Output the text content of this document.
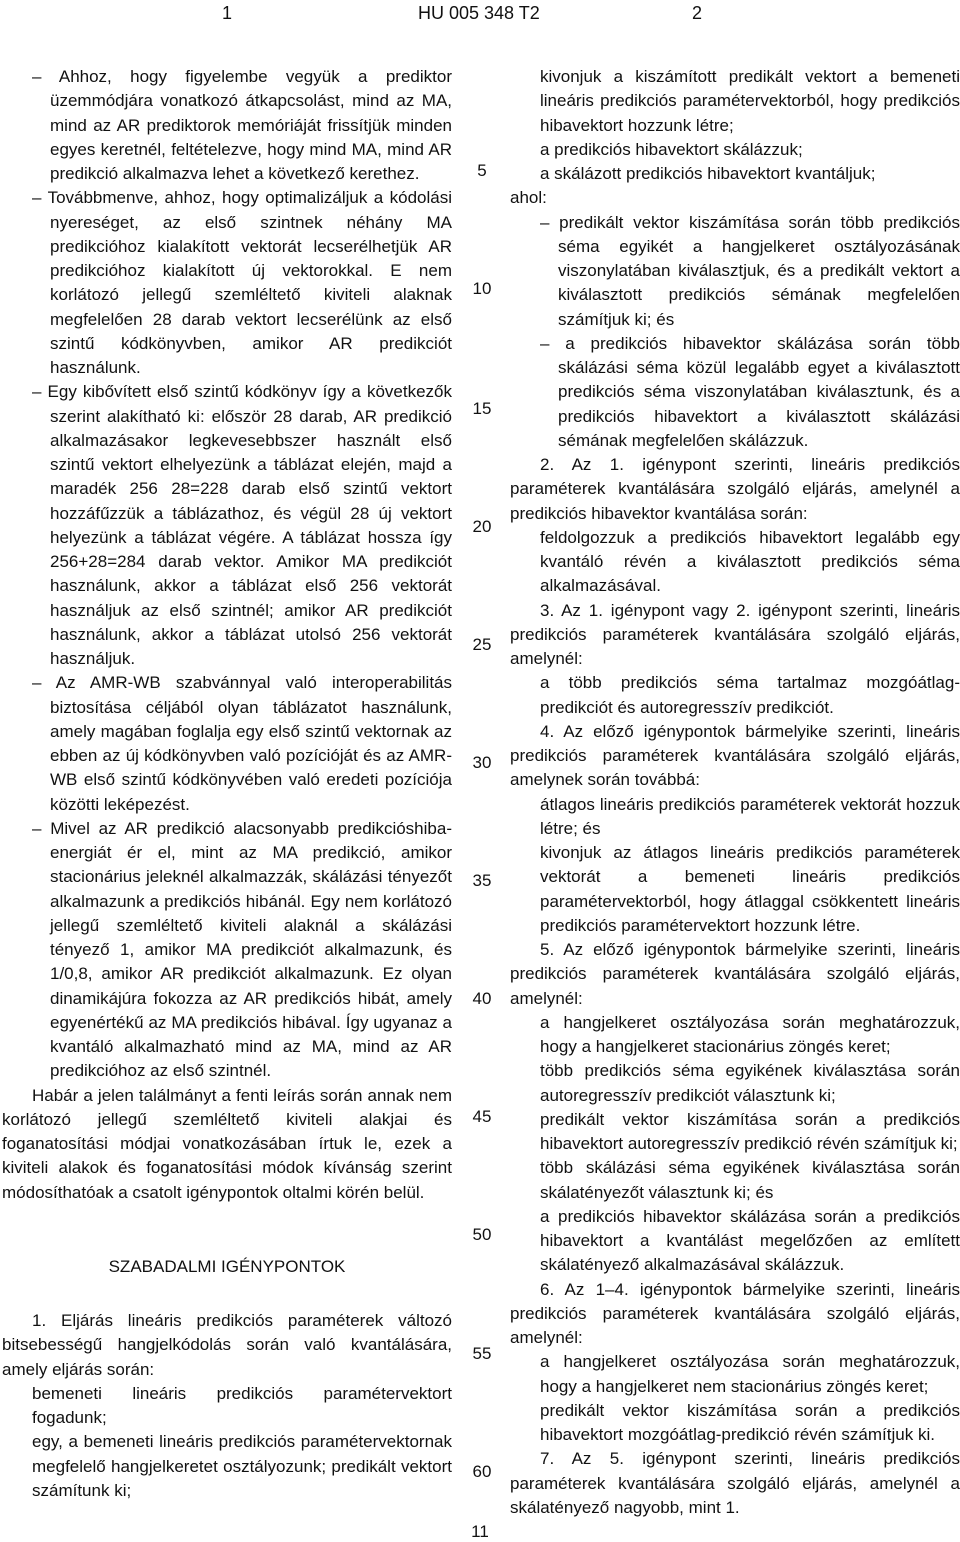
1	HU 005 348 T2	2

– Ahhoz, hogy figyelembe vegyük a prediktor üzemmódjára vonatkozó átkapcsolást, mind az MA, mind az AR prediktorok memóriáját frissítjük minden egyes keretnél, feltételezve, hogy mind MA, mind AR predikció alkalmazva lehet a következő kerethez.

– Továbbmenve, ahhoz, hogy optimalizáljuk a kódolási nyereséget, az első szintnek néhány MA predikcióhoz kialakított vektorát lecserélhetjük AR predikcióhoz kialakított új vektorokkal. E nem korlátozó jellegű szemléltető kiviteli alaknak megfelelően 28 darab vektort lecserélünk az első szintű kódkönyvben, amikor AR predikciót használunk.

– Egy kibővített első szintű kódkönyv így a következők szerint alakítható ki: először 28 darab, AR predikció alkalmazásakor legkevesebbszer használt első szintű vektort elhelyezünk a táblázat elején, majd a maradék 256 28=228 darab első szintű vektort hozzáfűzzük a táblázathoz, és végül 28 új vektort helyezünk a táblázat végére. A táblázat hossza így 256+28=284 darab vektor. Amikor MA predikciót használunk, akkor a táblázat első 256 vektorát használjuk az első szintnél; amikor AR predikciót használunk, akkor a táblázat utolsó 256 vektorát használjuk.

– Az AMR-WB szabvánnyal való interoperabilitás biztosítása céljából olyan táblázatot használunk, amely magában foglalja egy első szintű vektornak az ebben az új kódkönyvben való pozícióját és az AMR-WB első szintű kódkönyvében való eredeti pozíciója közötti leképezést.

– Mivel az AR predikció alacsonyabb predikcióshiba-energiát ér el, mint az MA predikció, amikor stacionárius jeleknél alkalmazzák, skálázási tényezőt alkalmazunk a predikciós hibánál. Egy nem korlátozó jellegű szemléltető kiviteli alaknál a skálázási tényező 1, amikor MA predikciót alkalmazunk, és 1/0,8, amikor AR predikciót alkalmazunk. Ez olyan dinamikájúra fokozza az AR predikciós hibát, amely egyenértékű az MA predikciós hibával. Így ugyanaz a kvantáló alkalmazható mind az MA, mind az AR predikcióhoz az első szintnél.

Habár a jelen találmányt a fenti leírás során annak nem korlátozó jellegű szemléltető kiviteli alakjai és foganatosítási módjai vonatkozásában írtuk le, ezek a kiviteli alakok és foganatosítási módok kívánság szerint módosíthatóak a csatolt igénypontok oltalmi körén belül.

SZABADALMI IGÉNYPONTOK

1. Eljárás lineáris predikciós paraméterek változó bitsebességű hangjelkódolás során való kvantálására, amely eljárás során:

bemeneti lineáris predikciós paramétervektort fogadunk;

egy, a bemeneti lineáris predikciós paramétervektornak megfelelő hangjelkeretet osztályozunk; predikált vektort számítunk ki;

kivonjuk a kiszámított predikált vektort a bemeneti lineáris predikciós paramétervektorból, hogy predikciós hibavektort hozzunk létre;

a predikciós hibavektort skálázzuk;

a skálázott predikciós hibavektort kvantáljuk;

ahol:

– predikált vektor kiszámítása során több predikciós séma egyikét a hangjelkeret osztályozásának viszonylatában kiválasztjuk, és a predikált vektort a kiválasztott predikciós sémának megfelelően számítjuk ki; és

– a predikciós hibavektor skálázása során több skálázási séma közül legalább egyet a kiválasztott predikciós séma viszonylatában kiválasztunk, és a predikciós hibavektort a kiválasztott skálázási sémának megfelelően skálázzuk.

2. Az 1. igénypont szerinti, lineáris predikciós paraméterek kvantálására szolgáló eljárás, amelynél a predikciós hibavektor kvantálása során:

feldolgozzuk a predikciós hibavektort legalább egy kvantáló révén a kiválasztott predikciós séma alkalmazásával.

3. Az 1. igénypont vagy 2. igénypont szerinti, lineáris predikciós paraméterek kvantálására szolgáló eljárás, amelynél:

a több predikciós séma tartalmaz mozgóátlag-predikciót és autoregresszív predikciót.

4. Az előző igénypontok bármelyike szerinti, lineáris predikciós paraméterek kvantálására szolgáló eljárás, amelynek során továbbá:

átlagos lineáris predikciós paraméterek vektorát hozzuk létre; és

kivonjuk az átlagos lineáris predikciós paraméterek vektorát a bemeneti lineáris predikciós paramétervektorból, hogy átlaggal csökkentett lineáris predikciós paramétervektort hozzunk létre.

5. Az előző igénypontok bármelyike szerinti, lineáris predikciós paraméterek kvantálására szolgáló eljárás, amelynél:

a hangjelkeret osztályozása során meghatározzuk, hogy a hangjelkeret stacionárius zöngés keret;

több predikciós séma egyikének kiválasztása során autoregresszív predikciót választunk ki;

predikált vektor kiszámítása során a predikciós hibavektort autoregresszív predikció révén számítjuk ki;

több skálázási séma egyikének kiválasztása során skálatényezőt választunk ki; és

a predikciós hibavektor skálázása során a predikciós hibavektort a kvantálást megelőzően az említett skálatényező alkalmazásával skálázzuk.

6. Az 1–4. igénypontok bármelyike szerinti, lineáris predikciós paraméterek kvantálására szolgáló eljárás, amelynél:

a hangjelkeret osztályozása során meghatározzuk, hogy a hangjelkeret nem stacionárius zöngés keret;

predikált vektor kiszámítása során a predikciós hibavektort mozgóátlag-predikció révén számítjuk ki.

7. Az 5. igénypont szerinti, lineáris predikciós paraméterek kvantálására szolgáló eljárás, amelynél a skálatényező nagyobb, mint 1.

5
10
15
20
25
30
35
40
45
50
55
60
11
